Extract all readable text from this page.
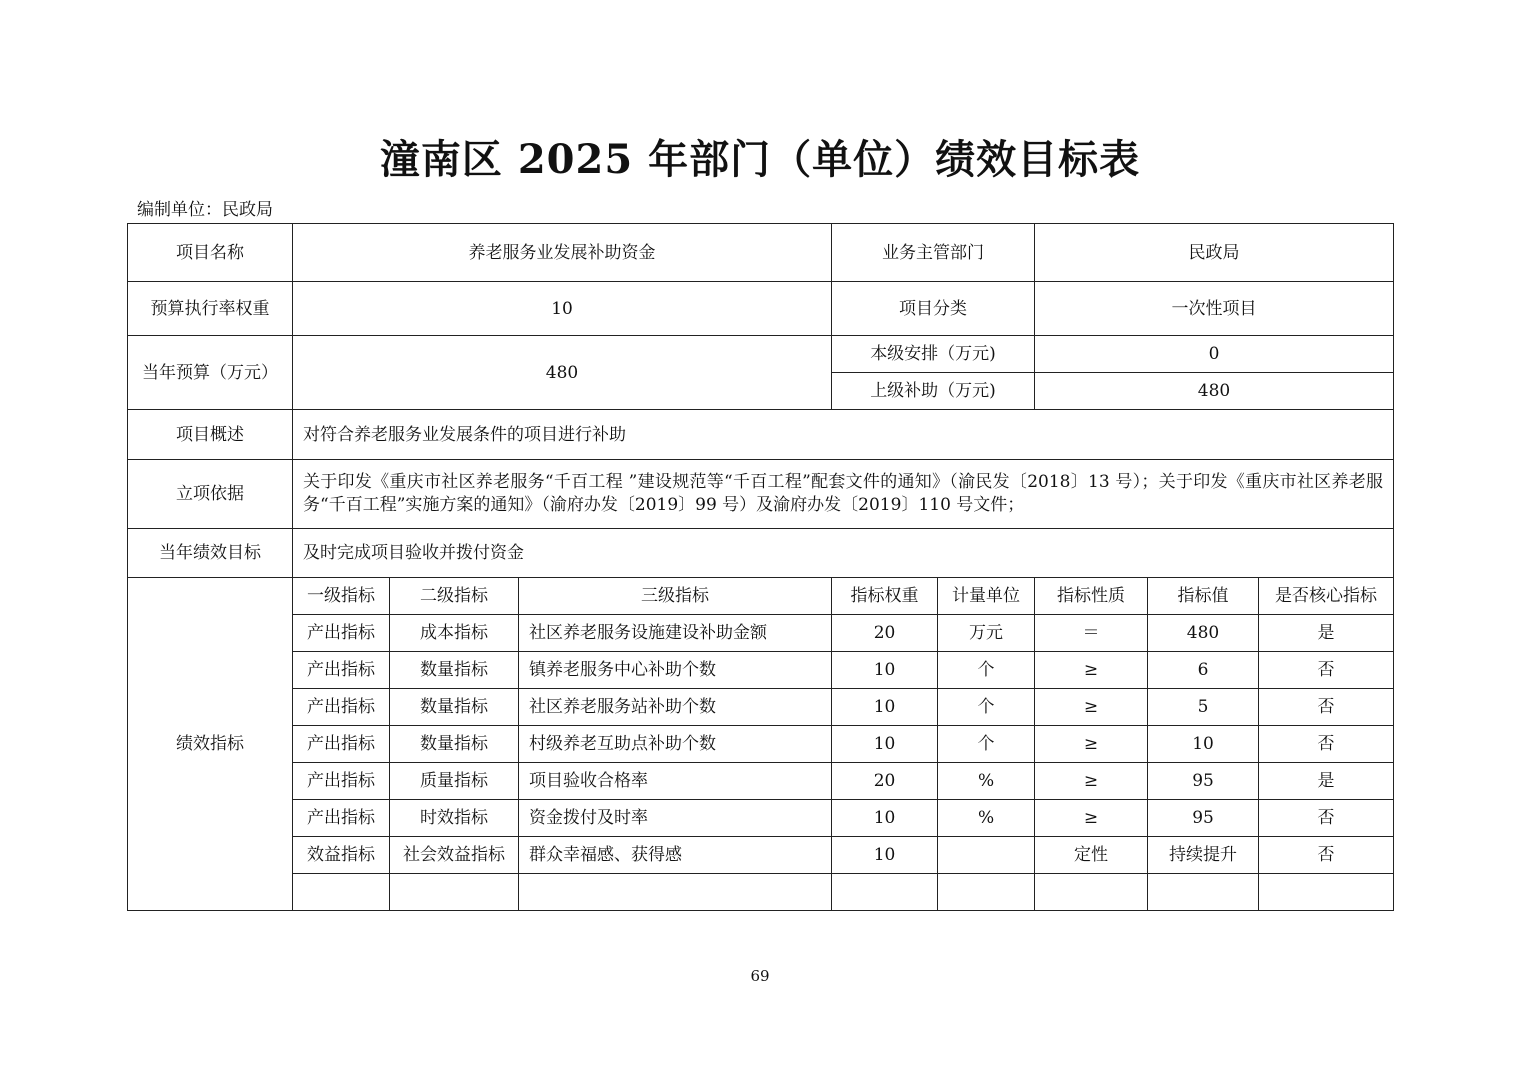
潼南区 2025 年部门（单位）绩效目标表
编制单位：民政局
项目名称	养老服务业发展补助资金			业务主管部门		民政局		
预算执行率权重	10			项目分类		一次性项目		
当年预算（万元）	480			本级安排（万元)		0		
				上级补助（万元)		480		
项目概述	对符合养老服务业发展条件的项目进行补助							
立项依据	关于印发《重庆市社区养老服务“千百工程 ”建设规范等“千百工程”配套文件的通知》（渝民发〔2018〕13 号）；关于印发《重庆市社区养老服务“千百工程”实施方案的通知》（渝府办发〔2019〕99 号）及渝府办发〔2019〕110 号文件；							
当年绩效目标	及时完成项目验收并拨付资金							
绩效指标	一级指标	二级指标	三级指标	指标权重	计量单位	指标性质	指标值	是否核心指标
	产出指标	成本指标	社区养老服务设施建设补助金额	20	万元	＝	480	是
	产出指标	数量指标	镇养老服务中心补助个数	10	个	≥	6	否
	产出指标	数量指标	社区养老服务站补助个数	10	个	≥	5	否
	产出指标	数量指标	村级养老互助点补助个数	10	个	≥	10	否
	产出指标	质量指标	项目验收合格率	20	%	≥	95	是
	产出指标	时效指标	资金拨付及时率	10	%	≥	95	否
	效益指标	社会效益指标	群众幸福感、获得感	10		定性	持续提升	否

69
